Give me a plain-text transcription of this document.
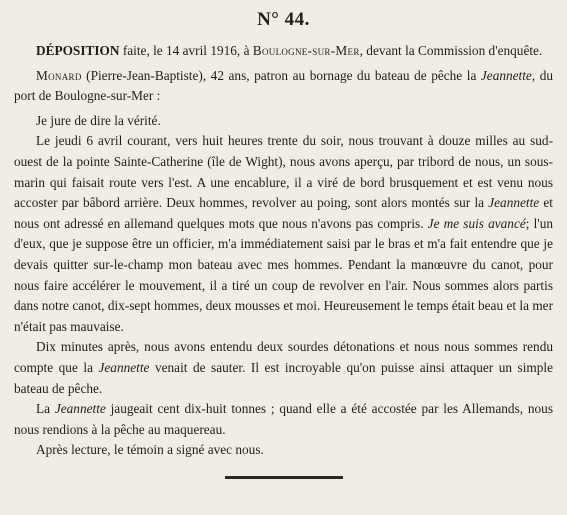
N° 44.

DÉPOSITION faite, le 14 avril 1916, à Boulogne-sur-Mer, devant la Commission d'enquête.

Monard (Pierre-Jean-Baptiste), 42 ans, patron au bornage du bateau de pêche la Jeannette, du port de Boulogne-sur-Mer :

Je jure de dire la vérité.

Le jeudi 6 avril courant, vers huit heures trente du soir, nous trouvant à douze milles au sud-ouest de la pointe Sainte-Catherine (île de Wight), nous avons aperçu, par tribord de nous, un sous-marin qui faisait route vers l'est. A une encablure, il a viré de bord brusquement et est venu nous accoster par bâbord arrière. Deux hommes, revolver au poing, sont alors montés sur la Jeannette et nous ont adressé en allemand quelques mots que nous n'avons pas compris. Je me suis avancé; l'un d'eux, que je suppose être un officier, m'a immédiatement saisi par le bras et m'a fait entendre que je devais quitter sur-le-champ mon bateau avec mes hommes. Pendant la manœuvre du canot, pour nous faire accélérer le mouvement, il a tiré un coup de revolver en l'air. Nous sommes alors partis dans notre canot, dix-sept hommes, deux mousses et moi. Heureusement le temps était beau et la mer n'était pas mauvaise.

Dix minutes après, nous avons entendu deux sourdes détonations et nous nous sommes rendu compte que la Jeannette venait de sauter. Il est incroyable qu'on puisse ainsi attaquer un simple bateau de pêche.

La Jeannette jaugeait cent dix-huit tonnes ; quand elle a été accostée par les Allemands, nous nous rendions à la pêche au maquereau.

Après lecture, le témoin a signé avec nous.
